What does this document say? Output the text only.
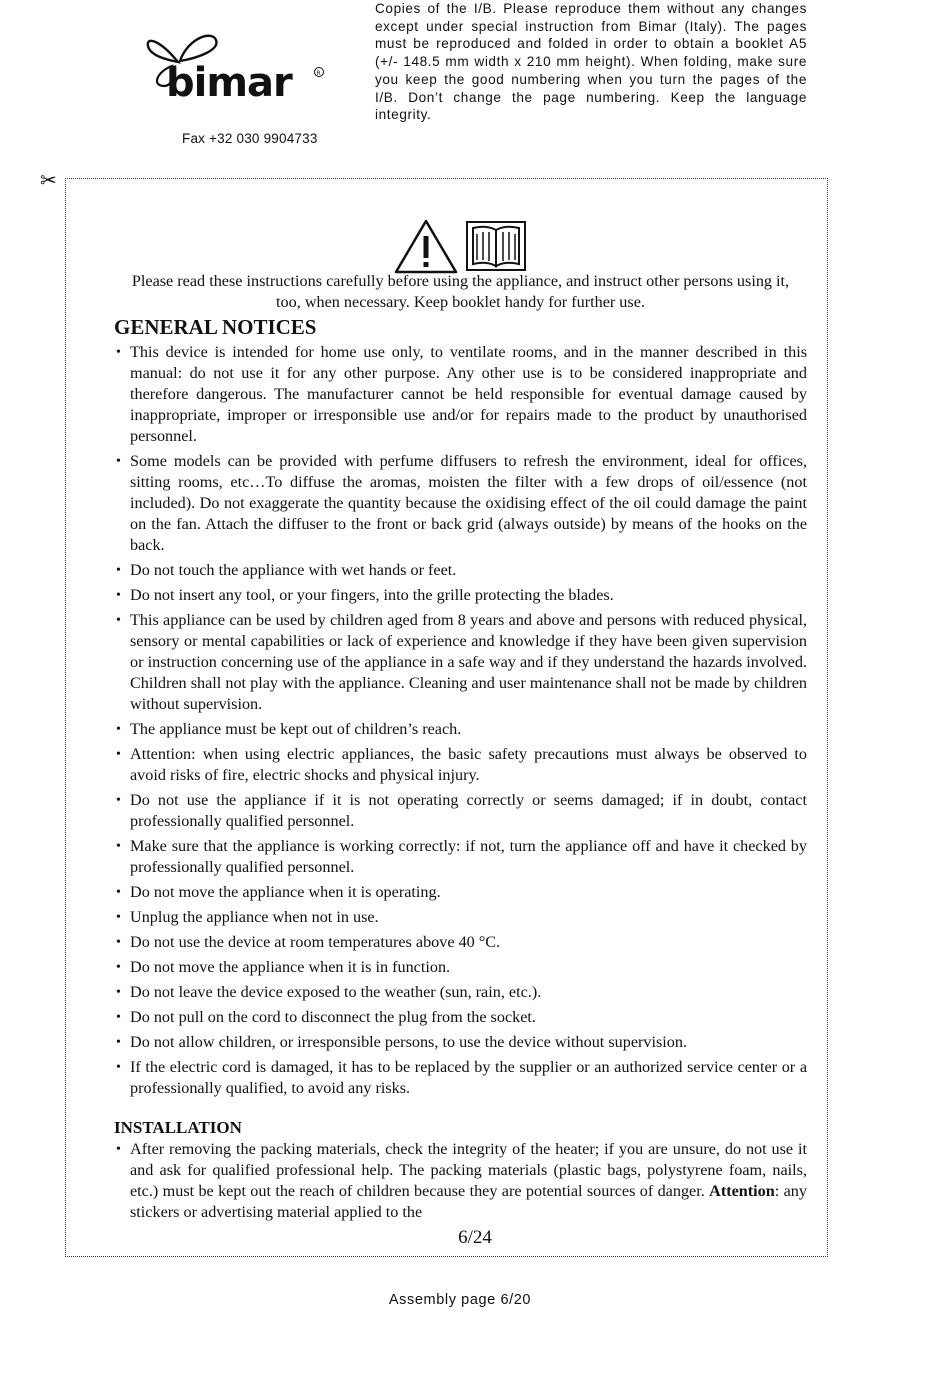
bimar	R
Fax +32 030 9904733
Copies of the I/B. Please reproduce them without any changes except under special instruction from Bimar (Italy). The pages must be reproduced and folded in order to obtain a booklet A5 (+/- 148.5 mm width x 210 mm height). When folding, make sure you keep the good numbering when you turn the pages of the I/B. Don’t change the page numbering. Keep the language integrity.
✂

Please read these instructions carefully before using the appliance, and instruct other persons using it, too, when necessary. Keep booklet handy for further use.

GENERAL NOTICES
• This device is intended for home use only, to ventilate rooms, and in the manner described in this manual: do not use it for any other purpose. Any other use is to be considered inappropriate and therefore dangerous. The manufacturer cannot be held responsible for eventual damage caused by inappropriate, improper or irresponsible use and/or for repairs made to the product by unauthorised personnel.
• Some models can be provided with perfume diffusers to refresh the environment, ideal for offices, sitting rooms, etc…To diffuse the aromas, moisten the filter with a few drops of oil/essence (not included). Do not exaggerate the quantity because the oxidising effect of the oil could damage the paint on the fan. Attach the diffuser to the front or back grid (always outside) by means of the hooks on the back.
• Do not touch the appliance with wet hands or feet.
• Do not insert any tool, or your fingers, into the grille protecting the blades.
• This appliance can be used by children aged from 8 years and above and persons with reduced physical, sensory or mental capabilities or lack of experience and knowledge if they have been given supervision or instruction concerning use of the appliance in a safe way and if they understand the hazards involved. Children shall not play with the appliance. Cleaning and user maintenance shall not be made by children without supervision.
• The appliance must be kept out of children’s reach.
• Attention: when using electric appliances, the basic safety precautions must always be observed to avoid risks of fire, electric shocks and physical injury.
• Do not use the appliance if it is not operating correctly or seems damaged; if in doubt, contact professionally qualified personnel.
• Make sure that the appliance is working correctly: if not, turn the appliance off and have it checked by professionally qualified personnel.
• Do not move the appliance when it is operating.
• Unplug the appliance when not in use.
• Do not use the device at room temperatures above 40 °C.
• Do not move the appliance when it is in function.
• Do not leave the device exposed to the weather (sun, rain, etc.).
• Do not pull on the cord to disconnect the plug from the socket.
• Do not allow children, or irresponsible persons, to use the device without supervision.
• If the electric cord is damaged, it has to be replaced by the supplier or an authorized service center or a professionally qualified, to avoid any risks.
INSTALLATION

• After removing the packing materials, check the integrity of the heater; if you are unsure, do not use it and ask for qualified professional help. The packing materials (plastic bags, polystyrene foam, nails, etc.) must be kept out the reach of children because they are potential sources of danger. Attention: any stickers or advertising material applied to the

6/24
Assembly page 6/20
